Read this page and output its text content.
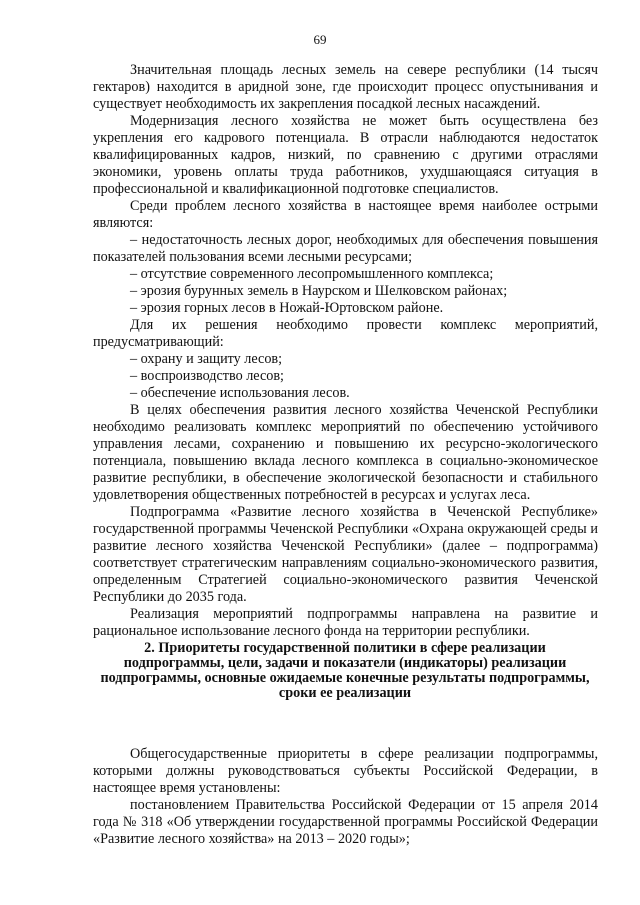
69

Значительная площадь лесных земель на севере республики (14 тысяч гектаров) находится в аридной зоне, где происходит процесс опустынивания и существует необходимость их закрепления посадкой лесных насаждений.

Модернизация лесного хозяйства не может быть осуществлена без укрепления его кадрового потенциала. В отрасли наблюдаются недостаток квалифицированных кадров, низкий, по сравнению с другими отраслями экономики, уровень оплаты труда работников, ухудшающаяся ситуация в профессиональной и квалификационной подготовке специалистов.

Среди проблем лесного хозяйства в настоящее время наиболее острыми являются:

– недостаточность лесных дорог, необходимых для обеспечения повышения показателей пользования всеми лесными ресурсами;

– отсутствие современного лесопромышленного комплекса;

– эрозия бурунных земель в Наурском и Шелковском районах;

– эрозия горных лесов в Ножай-Юртовском районе.

Для их решения необходимо провести комплекс мероприятий, предусматривающий:

– охрану и защиту лесов;

– воспроизводство лесов;

– обеспечение использования лесов.

В целях обеспечения развития лесного хозяйства Чеченской Республики необходимо реализовать комплекс мероприятий по обеспечению устойчивого управления лесами, сохранению и повышению их ресурсно-экологического потенциала, повышению вклада лесного комплекса в социально-экономическое развитие республики, в обеспечение экологической безопасности и стабильного удовлетворения общественных потребностей в ресурсах и услугах леса.

Подпрограмма «Развитие лесного хозяйства в Чеченской Республике» государственной программы Чеченской Республики «Охрана окружающей среды и развитие лесного хозяйства Чеченской Республики» (далее – подпрограмма) соответствует стратегическим направлениям социально-экономического развития, определенным Стратегией социально-экономического развития Чеченской Республики до 2035 года.

Реализация мероприятий подпрограммы направлена на развитие и рациональное использование лесного фонда на территории республики.

2. Приоритеты государственной политики в сфере реализации подпрограммы, цели, задачи и показатели (индикаторы) реализации подпрограммы, основные ожидаемые конечные результаты подпрограммы, сроки ее реализации

Общегосударственные приоритеты в сфере реализации подпрограммы, которыми должны руководствоваться субъекты Российской Федерации, в настоящее время установлены:

постановлением Правительства Российской Федерации от 15 апреля 2014 года № 318 «Об утверждении государственной программы Российской Федерации «Развитие лесного хозяйства» на 2013 – 2020 годы»;
